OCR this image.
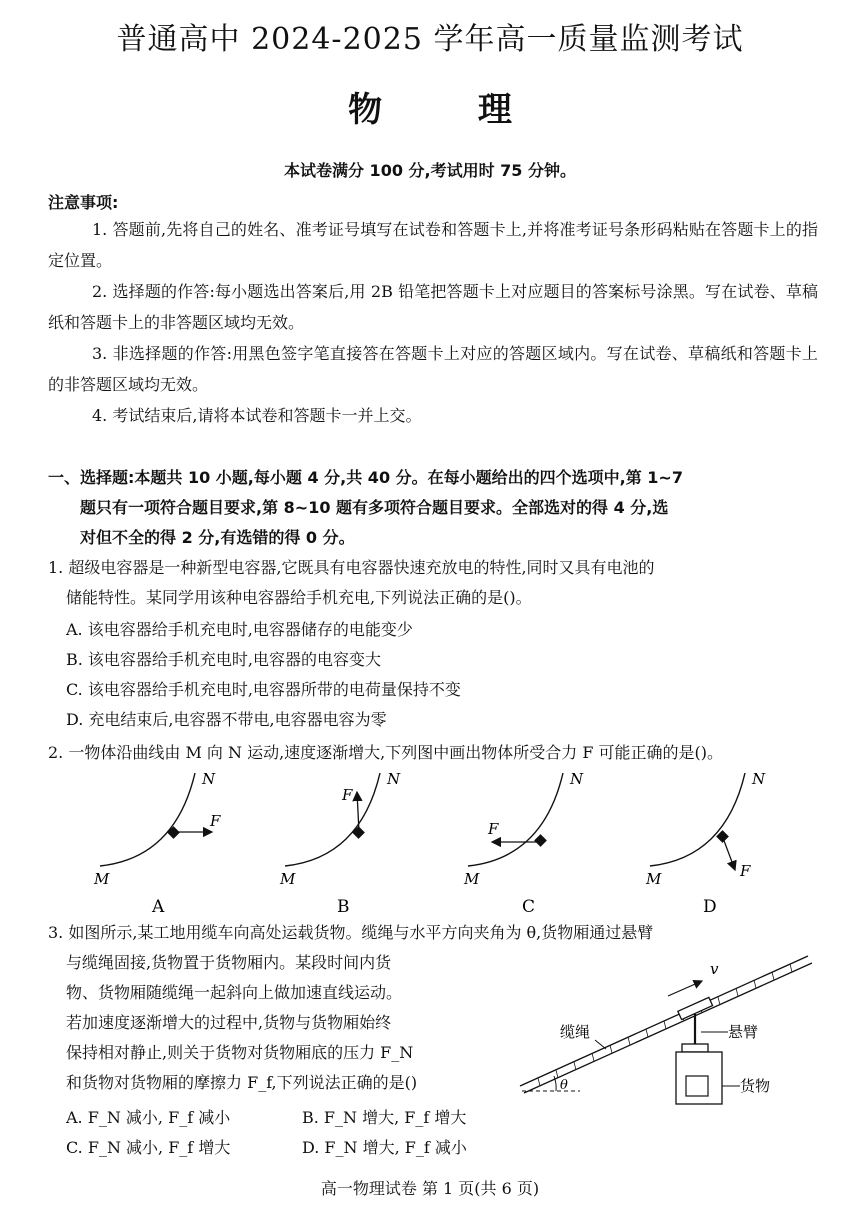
普通高中 2024-2025 学年高一质量监测考试
物 理
本试卷满分 100 分,考试用时 75 分钟。
注意事项:
1. 答题前,先将自己的姓名、准考证号填写在试卷和答题卡上,并将准考证号条形码粘贴在答题卡上的指定位置。
2. 选择题的作答:每小题选出答案后,用 2B 铅笔把答题卡上对应题目的答案标号涂黑。写在试卷、草稿纸和答题卡上的非答题区域均无效。
3. 非选择题的作答:用黑色签字笔直接答在答题卡上对应的答题区域内。写在试卷、草稿纸和答题卡上的非答题区域均无效。
4. 考试结束后,请将本试卷和答题卡一并上交。
一、选择题:本题共 10 小题,每小题 4 分,共 40 分。在每小题给出的四个选项中,第 1~7
题只有一项符合题目要求,第 8~10 题有多项符合题目要求。全部选对的得 4 分,选
对但不全的得 2 分,有选错的得 0 分。
1. 超级电容器是一种新型电容器,它既具有电容器快速充放电的特性,同时又具有电池的
储能特性。某同学用该种电容器给手机充电,下列说法正确的是()。
A. 该电容器给手机充电时,电容器储存的电能变少
B. 该电容器给手机充电时,电容器的电容变大
C. 该电容器给手机充电时,电容器所带的电荷量保持不变
D. 充电结束后,电容器不带电,电容器电容为零
2. 一物体沿曲线由 M 向 N 运动,速度逐渐增大,下列图中画出物体所受合力 F 可能正确的是()。
F
N
M
A
F
N
M
B
F
N
M
C
F
N
M
D
3. 如图所示,某工地用缆车向高处运载货物。缆绳与水平方向夹角为 θ,货物厢通过悬臂
与缆绳固接,货物置于货物厢内。某段时间内货
物、货物厢随缆绳一起斜向上做加速直线运动。
若加速度逐渐增大的过程中,货物与货物厢始终
保持相对静止,则关于货物对货物厢底的压力 F_N
和货物对货物厢的摩擦力 F_f,下列说法正确的是()
A. F_N 减小, F_f 减小	B. F_N 增大, F_f 增大
C. F_N 减小, F_f 增大	D. F_N 增大, F_f 减小
θ
v
悬臂
货物
缆绳
高一物理试卷 第 1 页(共 6 页)
